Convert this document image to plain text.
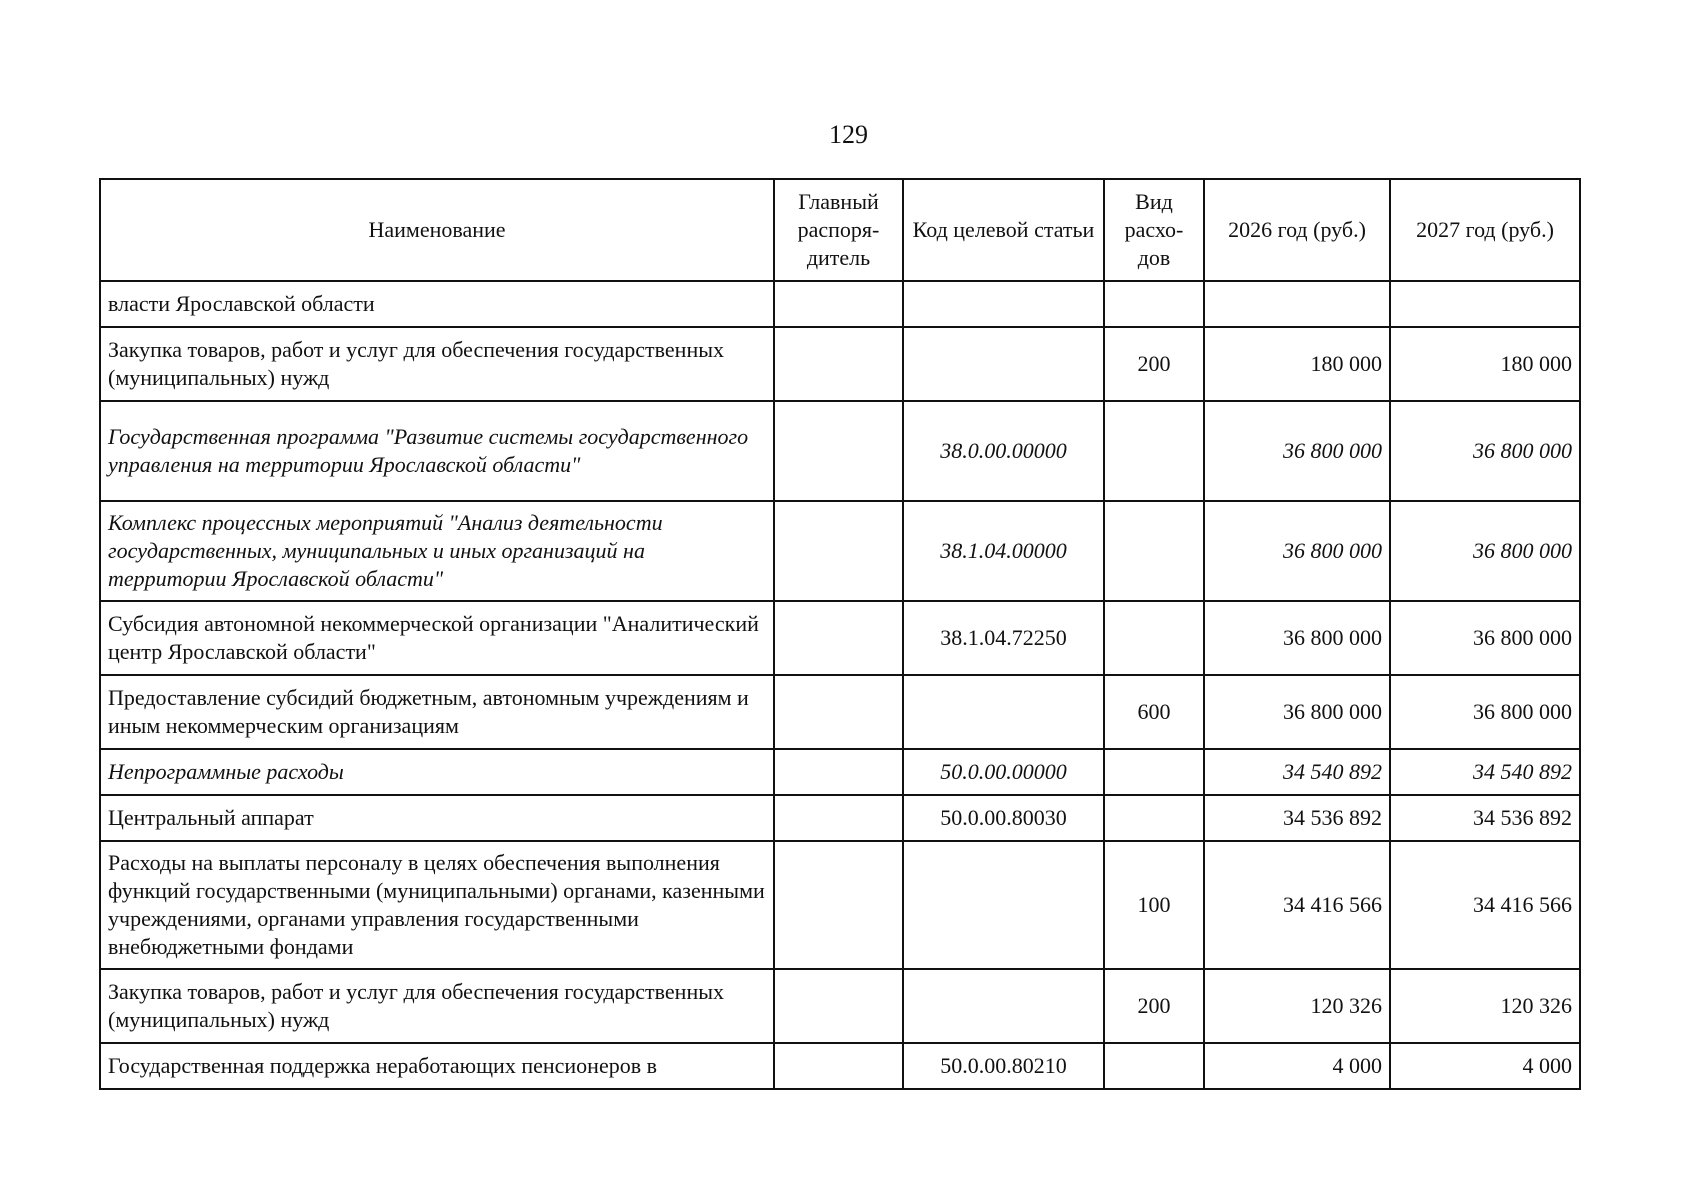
129
Наименование	Главный распоря-дитель	Код целевой статьи	Вид расхо-дов	2026 год (руб.)	2027 год (руб.)
власти Ярославской области					
Закупка товаров, работ и услуг для обеспечения государственных (муниципальных) нужд			200	180 000	180 000
Государственная программа "Развитие системы государственного управления на территории Ярославской области"		38.0.00.00000		36 800 000	36 800 000
Комплекс процессных мероприятий "Анализ деятельности государственных, муниципальных и иных организаций на территории Ярославской области"		38.1.04.00000		36 800 000	36 800 000
Субсидия автономной некоммерческой организации "Аналитический центр Ярославской области"		38.1.04.72250		36 800 000	36 800 000
Предоставление субсидий бюджетным, автономным учреждениям и иным некоммерческим организациям			600	36 800 000	36 800 000
Непрограммные расходы		50.0.00.00000		34 540 892	34 540 892
Центральный аппарат		50.0.00.80030		34 536 892	34 536 892
Расходы на выплаты персоналу в целях обеспечения выполнения функций государственными (муниципальными) органами, казенными учреждениями, органами управления государственными внебюджетными фондами			100	34 416 566	34 416 566
Закупка товаров, работ и услуг для обеспечения государственных (муниципальных) нужд			200	120 326	120 326
Государственная поддержка неработающих пенсионеров в		50.0.00.80210		4 000	4 000
